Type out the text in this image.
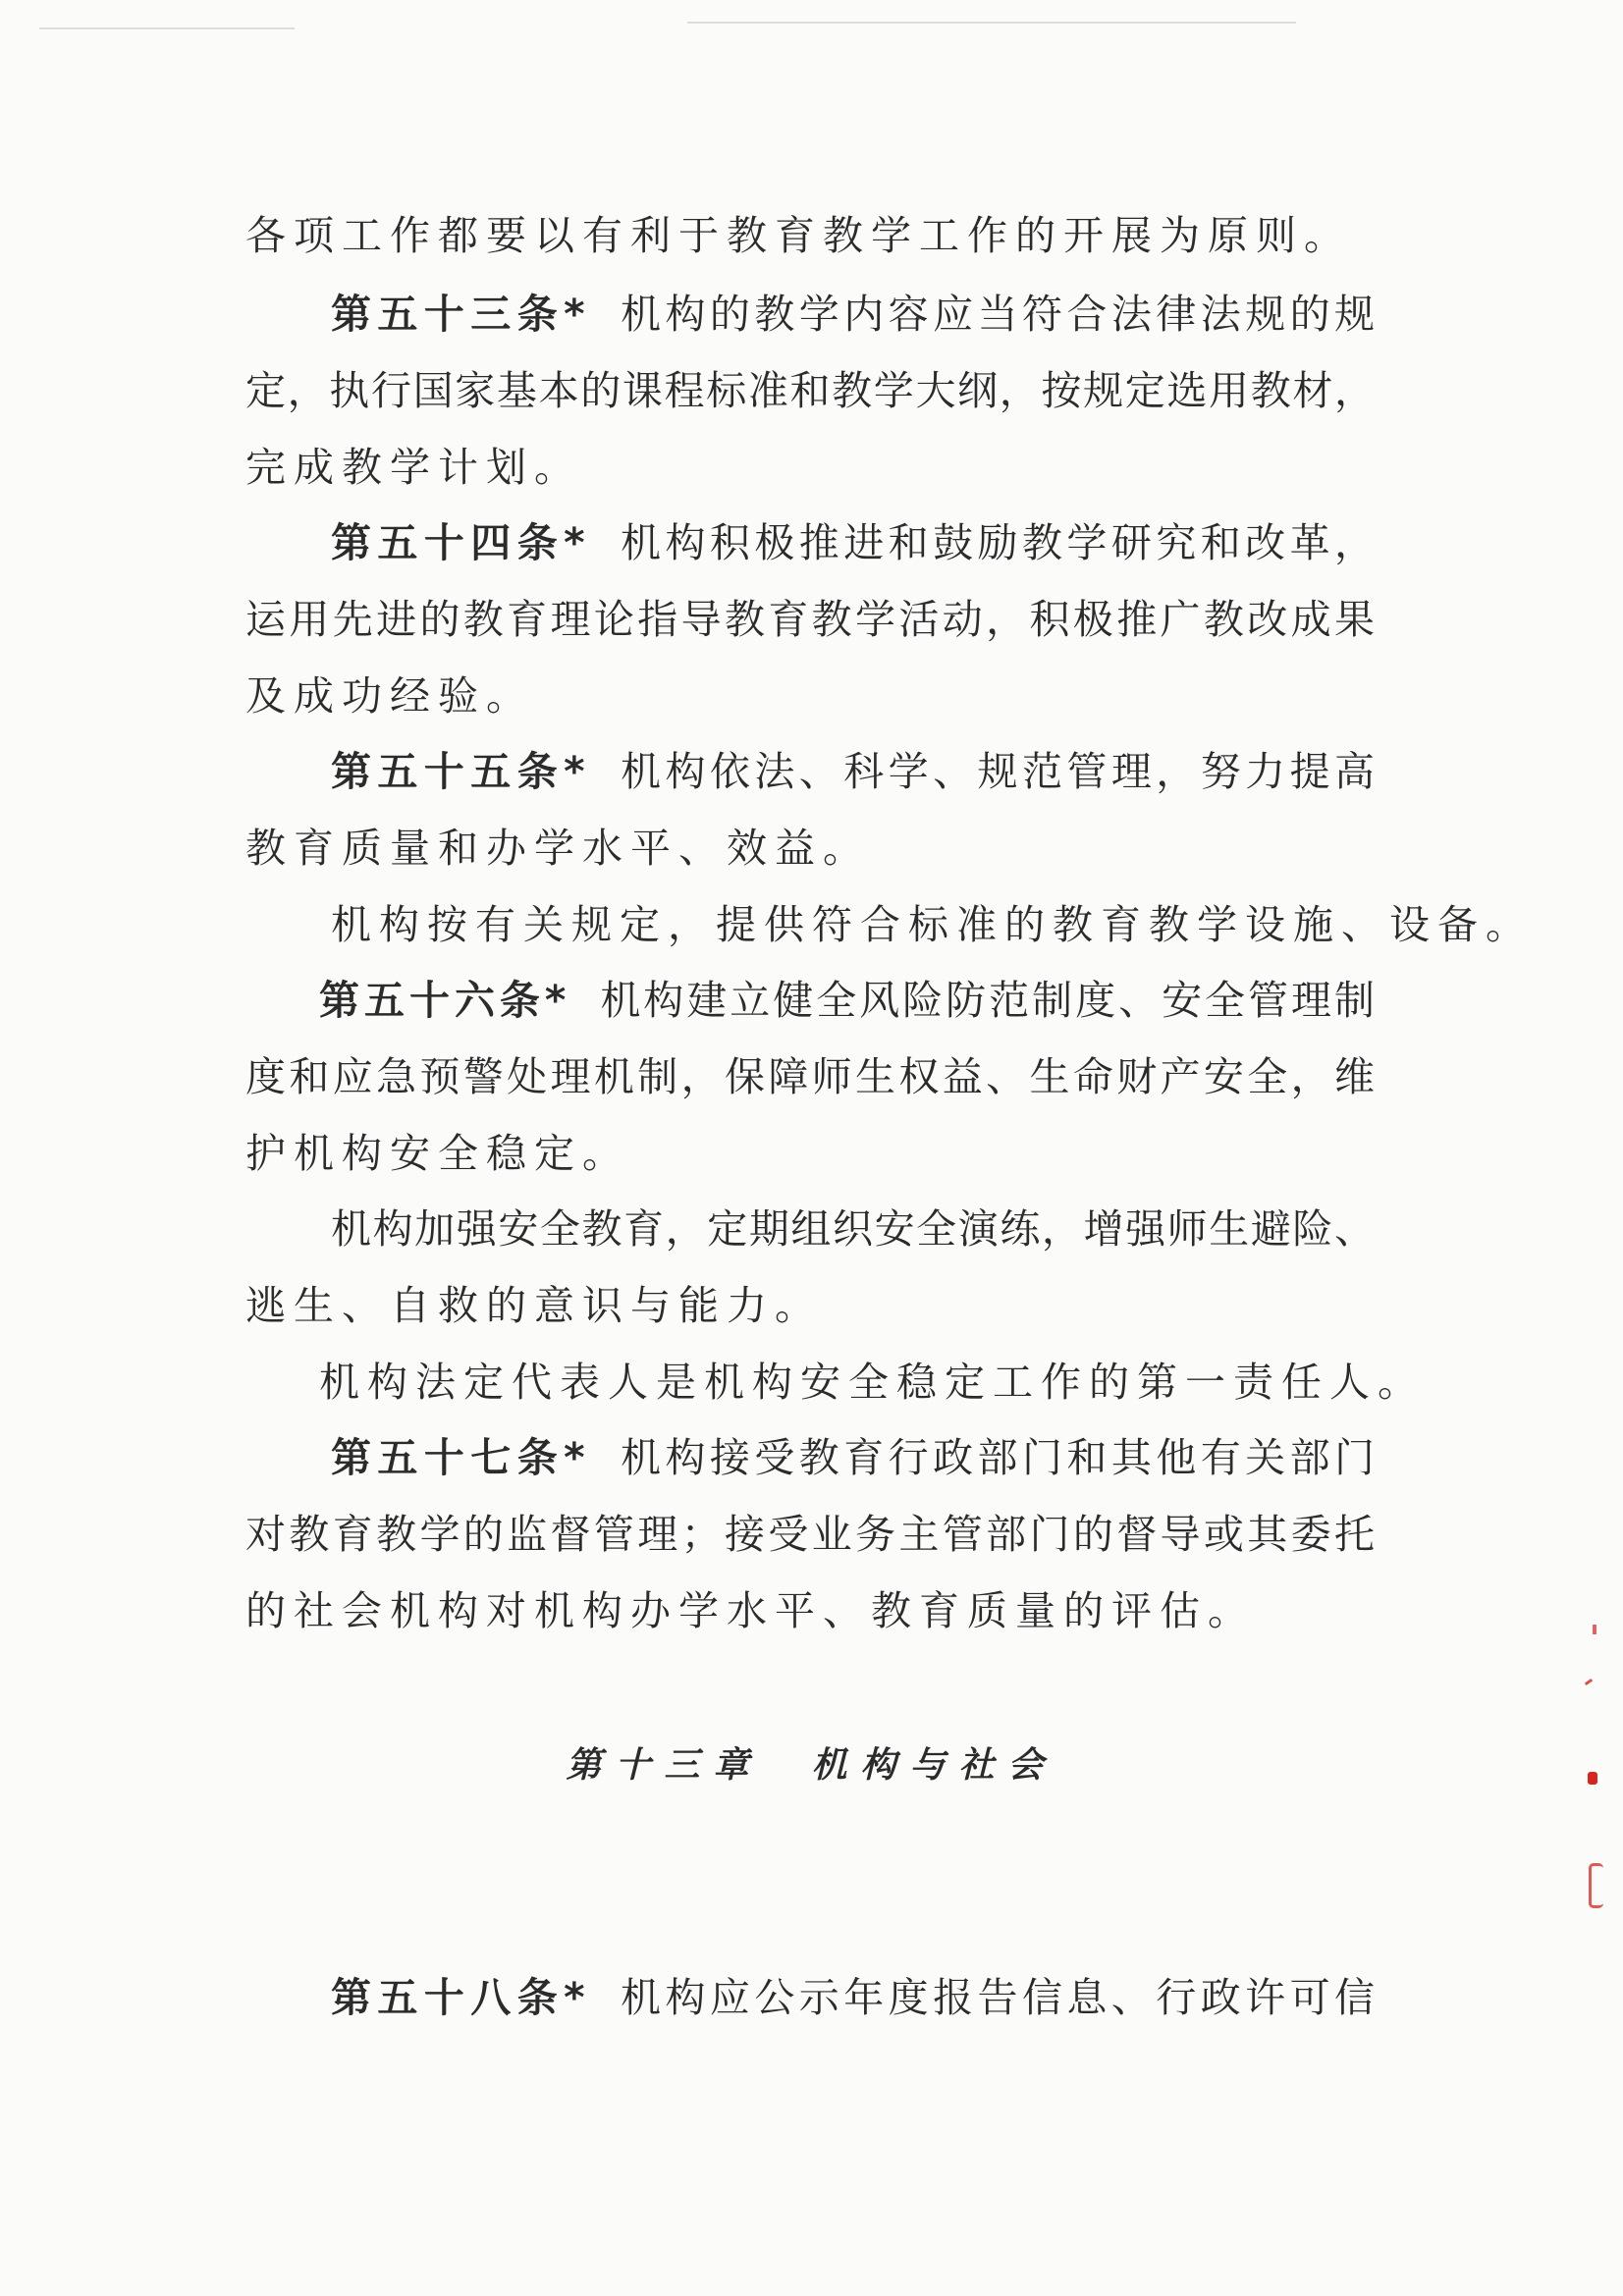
各项工作都要以有利于教育教学工作的开展为原则。
第五十三条* 机构的教学内容应当符合法律法规的规
定，执行国家基本的课程标准和教学大纲，按规定选用教材，
完成教学计划。
第五十四条* 机构积极推进和鼓励教学研究和改革，
运用先进的教育理论指导教育教学活动，积极推广教改成果
及成功经验。
第五十五条* 机构依法、科学、规范管理，努力提高
教育质量和办学水平、效益。
机构按有关规定，提供符合标准的教育教学设施、设备。
第五十六条* 机构建立健全风险防范制度、安全管理制
度和应急预警处理机制，保障师生权益、生命财产安全，维
护机构安全稳定。
机构加强安全教育，定期组织安全演练，增强师生避险、
逃生、自救的意识与能力。
机构法定代表人是机构安全稳定工作的第一责任人。
第五十七条* 机构接受教育行政部门和其他有关部门
对教育教学的监督管理；接受业务主管部门的督导或其委托
的社会机构对机构办学水平、教育质量的评估。
第十三章 机构与社会
第五十八条* 机构应公示年度报告信息、行政许可信
